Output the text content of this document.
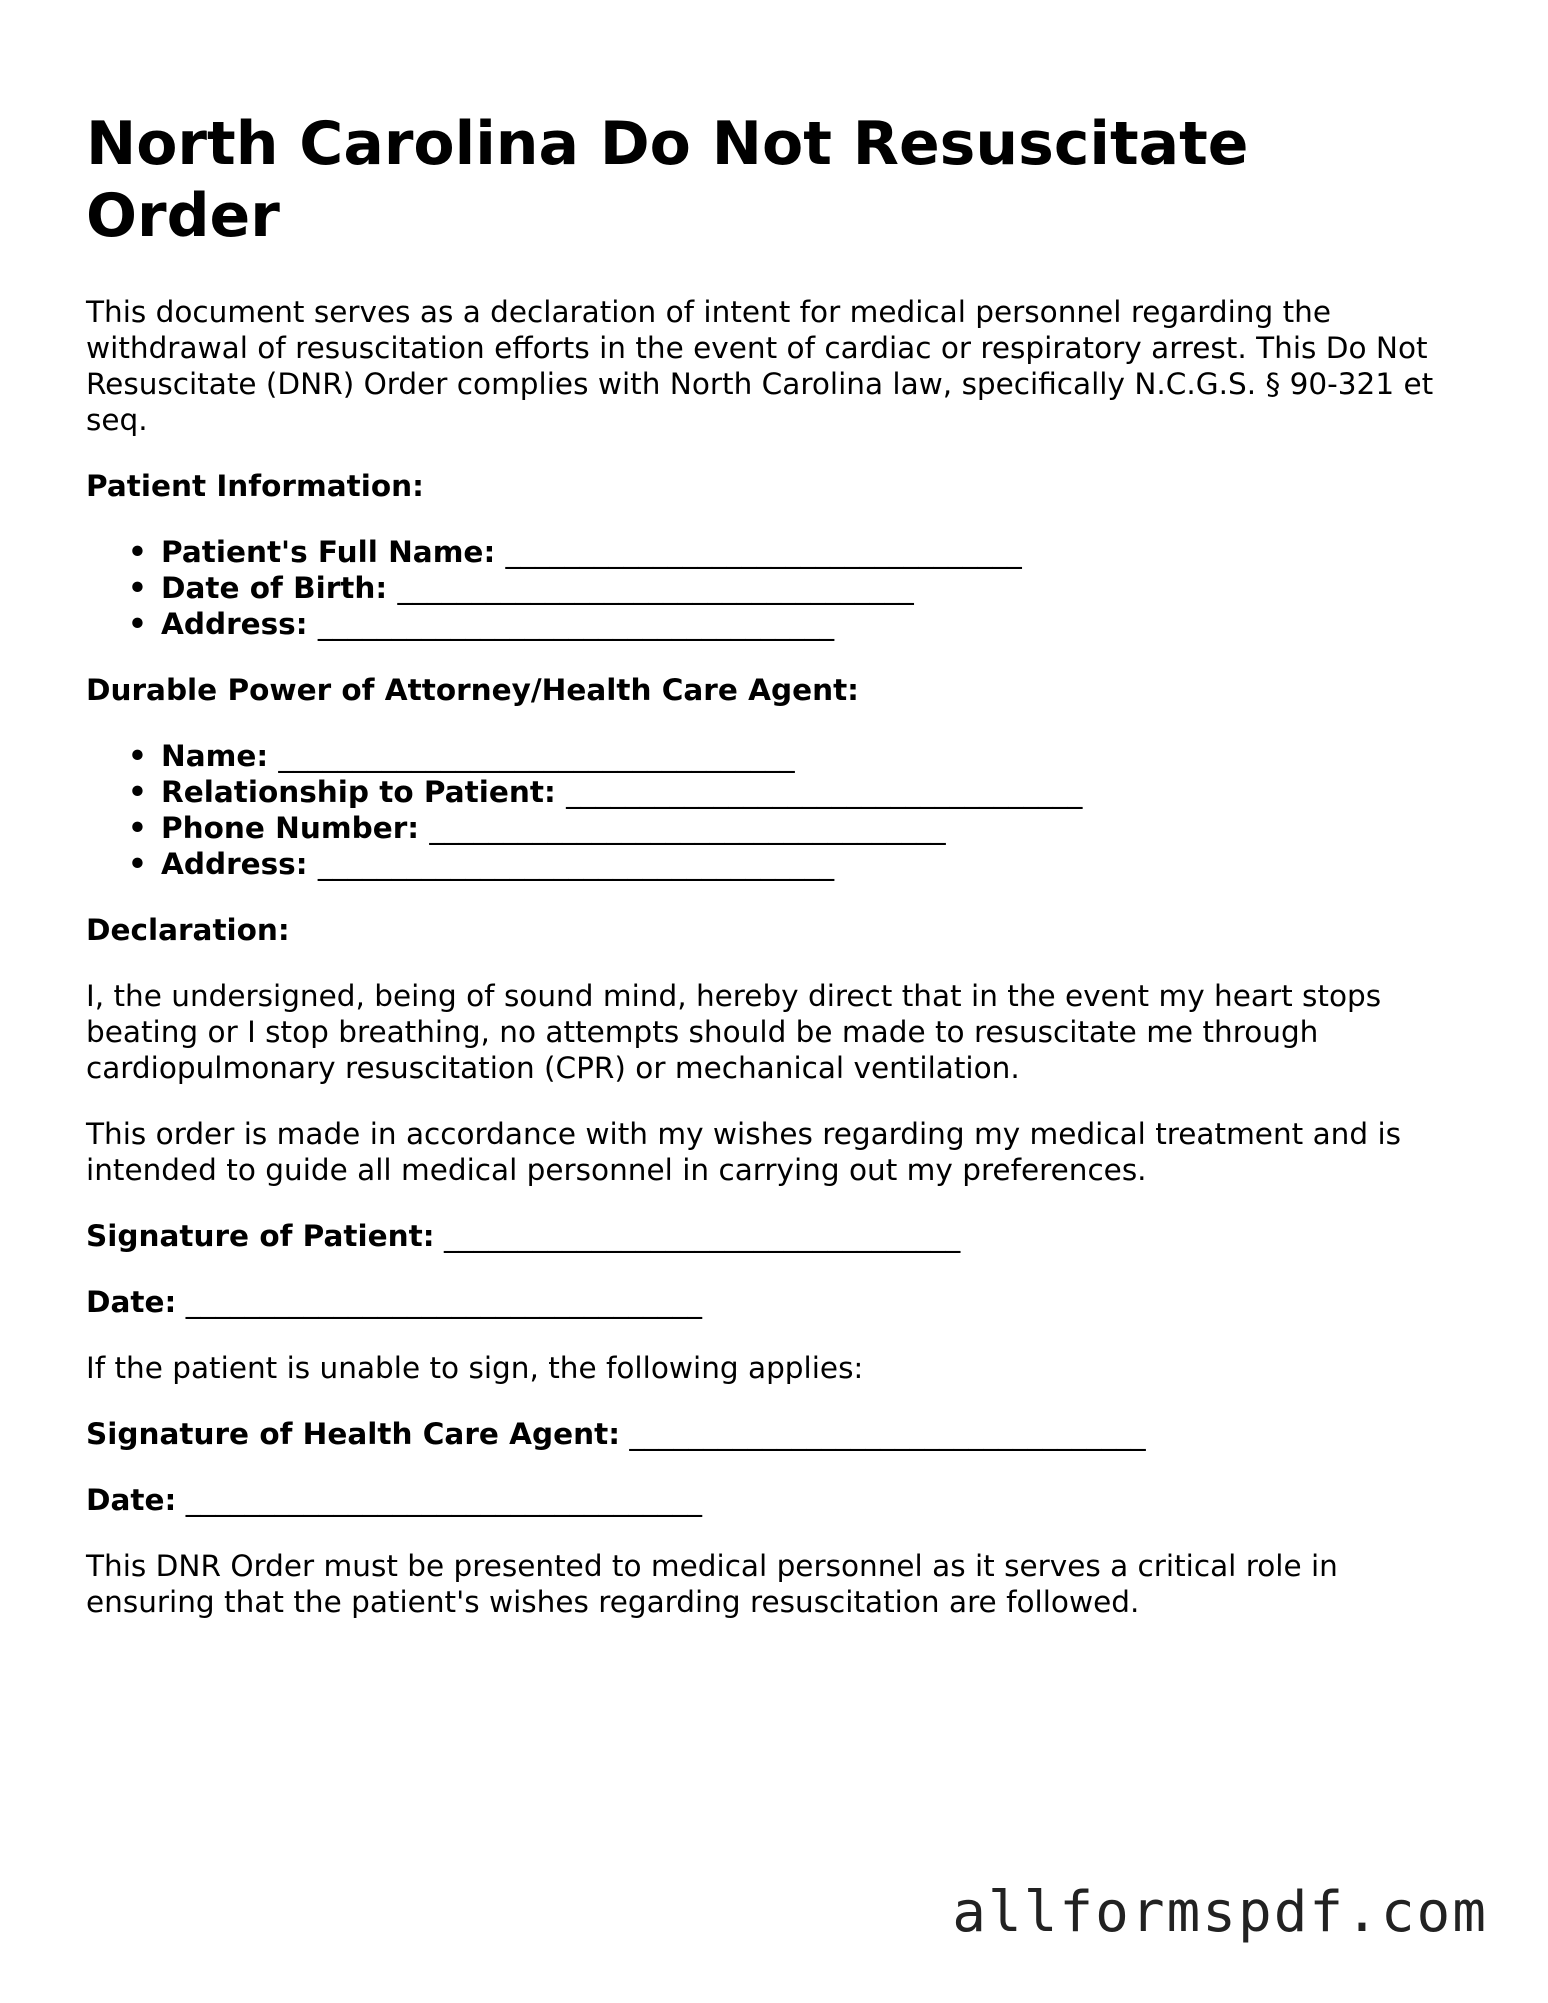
North Carolina Do Not Resuscitate Order

This document serves as a declaration of intent for medical personnel regarding the withdrawal of resuscitation efforts in the event of cardiac or respiratory arrest. This Do Not Resuscitate (DNR) Order complies with North Carolina law, specifically N.C.G.S. § 90-321 et seq.

Patient Information:
• Patient's Full Name: ___________________________________
• Date of Birth: ___________________________________
• Address: ___________________________________
Durable Power of Attorney/Health Care Agent:
• Name: ___________________________________
• Relationship to Patient: ___________________________________
• Phone Number: ___________________________________
• Address: ___________________________________
Declaration:

I, the undersigned, being of sound mind, hereby direct that in the event my heart stops beating or I stop breathing, no attempts should be made to resuscitate me through cardiopulmonary resuscitation (CPR) or mechanical ventilation.

This order is made in accordance with my wishes regarding my medical treatment and is intended to guide all medical personnel in carrying out my preferences.

Signature of Patient: ___________________________________
Date: ___________________________________

If the patient is unable to sign, the following applies:

Signature of Health Care Agent: ___________________________________
Date: ___________________________________

This DNR Order must be presented to medical personnel as it serves a critical role in ensuring that the patient's wishes regarding resuscitation are followed.

allformspdf.com
